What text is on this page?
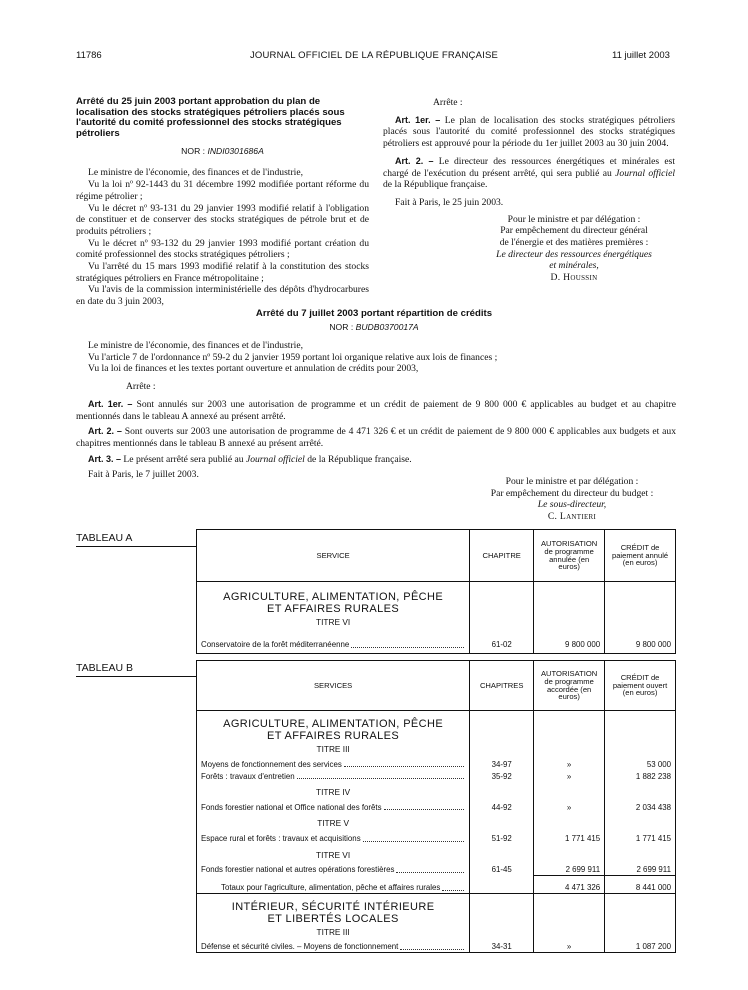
11786	JOURNAL OFFICIEL DE LA RÉPUBLIQUE FRANÇAISE	11 juillet 2003
Arrêté du 25 juin 2003 portant approbation du plan de localisation des stocks stratégiques pétroliers placés sous l'autorité du comité professionnel des stocks stratégiques pétroliers
NOR : INDI0301686A

Le ministre de l'économie, des finances et de l'industrie,

Vu la loi nº 92-1443 du 31 décembre 1992 modifiée portant réforme du régime pétrolier ;

Vu le décret nº 93-131 du 29 janvier 1993 modifié relatif à l'obligation de constituer et de conserver des stocks stratégiques de pétrole brut et de produits pétroliers ;

Vu le décret nº 93-132 du 29 janvier 1993 modifié portant création du comité professionnel des stocks stratégiques pétroliers ;

Vu l'arrêté du 15 mars 1993 modifié relatif à la constitution des stocks stratégiques pétroliers en France métropolitaine ;

Vu l'avis de la commission interministérielle des dépôts d'hydrocarbures en date du 3 juin 2003,

Arrête :

Art. 1er. – Le plan de localisation des stocks stratégiques pétroliers placés sous l'autorité du comité professionnel des stocks stratégiques pétroliers est approuvé pour la période du 1er juillet 2003 au 30 juin 2004.

Art. 2. – Le directeur des ressources énergétiques et minérales est chargé de l'exécution du présent arrêté, qui sera publié au Journal officiel de la République française.

Fait à Paris, le 25 juin 2003.

Pour le ministre et par délégation :
Par empêchement du directeur général
de l'énergie et des matières premières :
Le directeur des ressources énergétiques
et minérales,
D. Houssin
Arrêté du 7 juillet 2003 portant répartition de crédits
NOR : BUDB0370017A

Le ministre de l'économie, des finances et de l'industrie,

Vu l'article 7 de l'ordonnance nº 59-2 du 2 janvier 1959 portant loi organique relative aux lois de finances ;

Vu la loi de finances et les textes portant ouverture et annulation de crédits pour 2003,

Arrête :

Art. 1er. – Sont annulés sur 2003 une autorisation de programme et un crédit de paiement de 9 800 000 € applicables au budget et au chapitre mentionnés dans le tableau A annexé au présent arrêté.

Art. 2. – Sont ouverts sur 2003 une autorisation de programme de 4 471 326 € et un crédit de paiement de 9 800 000 € applicables aux budgets et aux chapitres mentionnés dans le tableau B annexé au présent arrêté.

Art. 3. – Le présent arrêté sera publié au Journal officiel de la République française.

Fait à Paris, le 7 juillet 2003.

Pour le ministre et par délégation :
Par empêchement du directeur du budget :
Le sous-directeur,
C. Lantieri
TABLEAU A
SERVICE	CHAPITRE	AUTORISATION de programme annulée (en euros)	CRÉDIT de paiement annulé (en euros)

AGRICULTURE, ALIMENTATION, PÊCHE
ET AFFAIRES RURALES			

TITRE VI			

Conservatoire de la forêt méditerranéenne	61-02	9 800 000	9 800 000
TABLEAU B
SERVICES	CHAPITRES	AUTORISATION de programme accordée (en euros)	CRÉDIT de paiement ouvert (en euros)

AGRICULTURE, ALIMENTATION, PÊCHE
ET AFFAIRES RURALES			

TITRE III			

Moyens de fonctionnement des services	34-97	»	53 000

Forêts : travaux d'entretien	35-92	»	1 882 238
TITRE IV			

Fonds forestier national et Office national des forêts	44-92	»	2 034 438
TITRE V			

Espace rural et forêts : travaux et acquisitions	51-92	1 771 415	1 771 415
TITRE VI			

Fonds forestier national et autres opérations forestières	61-45	2 699 911	2 699 911

Totaux pour l'agriculture, alimentation, pêche et affaires rurales		4 471 326	8 441 000

INTÉRIEUR, SÉCURITÉ INTÉRIEURE
ET LIBERTÉS LOCALES			

TITRE III			

Défense et sécurité civiles. – Moyens de fonctionnement	34-31	»	1 087 200
